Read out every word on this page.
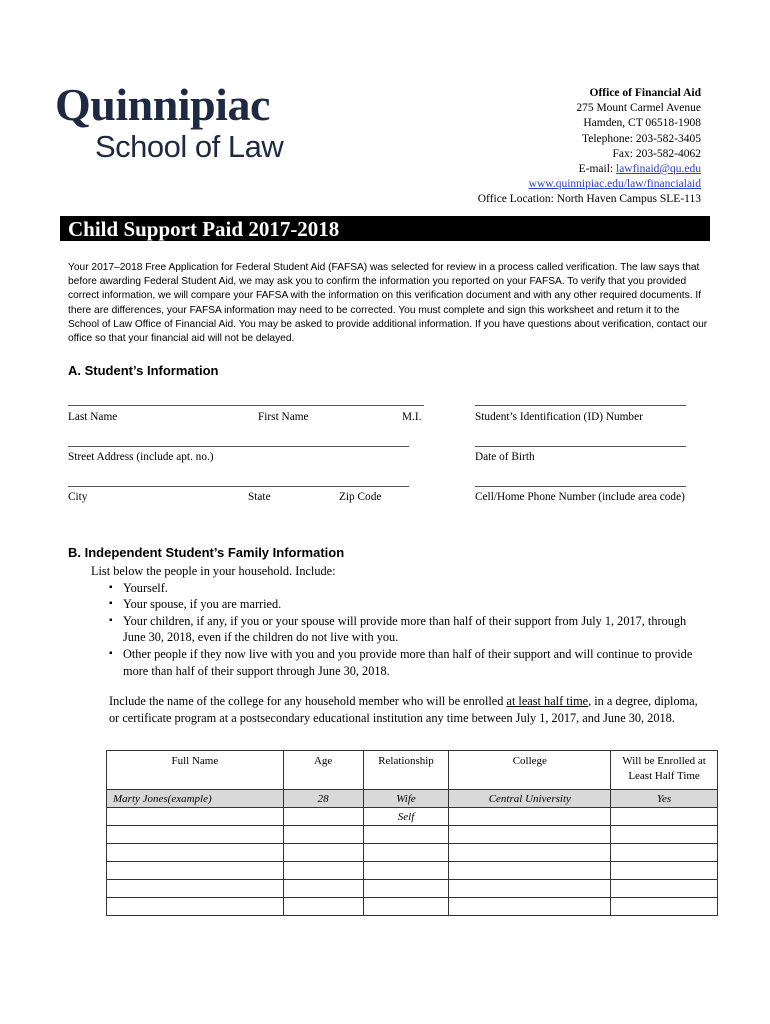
Quinnipiac
School of Law
Office of Financial Aid
275 Mount Carmel Avenue
Hamden, CT 06518-1908
Telephone: 203-582-3405
Fax: 203-582-4062
E-mail: lawfinaid@qu.edu
www.quinnipiac.edu/law/financialaid
Office Location: North Haven Campus SLE-113
Child Support Paid 2017-2018

Your 2017–2018 Free Application for Federal Student Aid (FAFSA) was selected for review in a process called verification. The law says that before awarding Federal Student Aid, we may ask you to confirm the information you reported on your FAFSA. To verify that you provided correct information, we will compare your FAFSA with the information on this verification document and with any other required documents. If there are differences, your FAFSA information may need to be corrected. You must complete and sign this worksheet and return it to the School of Law Office of Financial Aid. You may be asked to provide additional information. If you have questions about verification, contact our office so that your financial aid will not be delayed.

A. Student’s Information
Last Name	First Name	M.I.	Student’s Identification (ID) Number
Street Address (include apt. no.)	Date of Birth
City	State	Zip Code	Cell/Home Phone Number (include area code)
B. Independent Student’s Family Information
List below the people in your household. Include:
▪ Yourself.
▪ Your spouse, if you are married.
▪ Your children, if any, if you or your spouse will provide more than half of their support from July 1, 2017, through June 30, 2018, even if the children do not live with you.
▪ Other people if they now live with you and you provide more than half of their support and will continue to provide more than half of their support through June 30, 2018.
Include the name of the college for any household member who will be enrolled at least half time, in a degree, diploma, or certificate program at a postsecondary educational institution any time between July 1, 2017, and June 30, 2018.
Full Name	Age	Relationship	College	Will be Enrolled at Least Half Time
Marty Jones(example)	28	Wife	Central University	Yes
		Self		
